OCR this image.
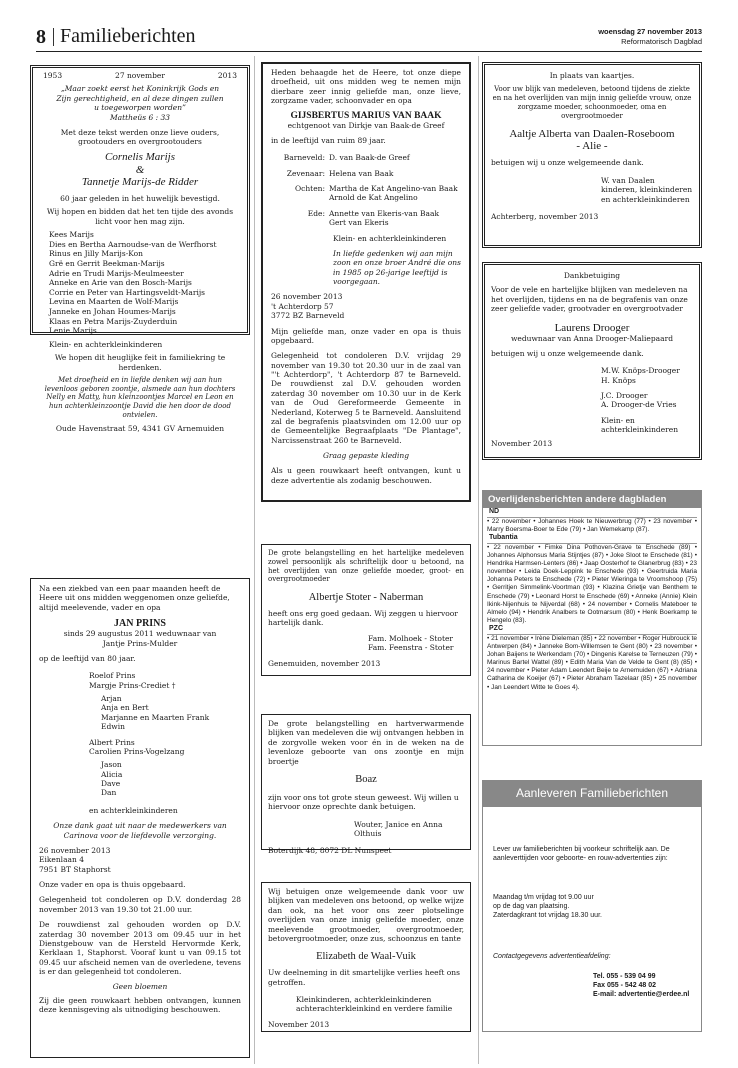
8 Familieberichten	woensdag 27 november 2013
Reformatorisch Dagblad
1953	27 november	2013
„Maar zoekt eerst het Koninkrijk Gods en Zijn gerechtigheid, en al deze dingen zullen u toegeworpen worden”
Mattheüs 6 : 33
Met deze tekst werden onze lieve ouders, grootouders en overgrootouders
Cornelis Marijs
&
Tannetje Marijs-de Ridder
60 jaar geleden in het huwelijk bevestigd.
Wij hopen en bidden dat het ten tijde des avonds licht voor hen mag zijn.
Kees Marijs
Dies en Bertha Aarnoudse-van de Werfhorst
Rinus en Jilly Marijs-Kon
Grë en Gerrit Beekman-Marijs
Adrie en Trudi Marijs-Meulmeester
Anneke en Arie van den Bosch-Marijs
Corrie en Peter van Hartingsveldt-Marijs
Levina en Maarten de Wolf-Marijs
Janneke en Johan Houmes-Marijs
Klaas en Petra Marijs-Zuyderduin
Lenie Marijs
Klein- en achterkleinkinderen
We hopen dit heuglijke feit in familiekring te herdenken.
Met droefheid en in liefde denken wij aan hun levenloos geboren zoontje, alsmede aan hun dochters Nelly en Matty, hun kleinzoontjes Marcel en Leon en hun achterkleinzoontje David die hen door de dood ontvielen.
Oude Havenstraat 59, 4341 GV Arnemuiden
Heden behaagde het de Heere, tot onze diepe droefheid, uit ons midden weg te nemen mijn dierbare zeer innig geliefde man, onze lieve, zorgzame vader, schoonvader en opa
GIJSBERTUS MARIUS VAN BAAK
echtgenoot van Dirkje van Baak-de Greef
in de leeftijd van ruim 89 jaar.
Barneveld: D. van Baak-de Greef
Zevenaar: Helena van Baak
Ochten: Martha de Kat Angelino-van Baak
Arnold de Kat Angelino
Ede: Annette van Ekeris-van Baak
Gert van Ekeris
Klein- en achterkleinkinderen
In liefde gedenken wij aan mijn zoon en onze broer André die ons in 1985 op 26-jarige leeftijd is voorgegaan.
26 november 2013
't Achterdorp 57
3772 BZ Barneveld
Mijn geliefde man, onze vader en opa is thuis opgebaard.
Gelegenheid tot condoleren D.V. vrijdag 29 november van 19.30 tot 20.30 uur in de zaal van "'t Achterdorp", 't Achterdorp 87 te Barneveld. De rouwdienst zal D.V. gehouden worden zaterdag 30 november om 10.30 uur in de Kerk van de Oud Gereformeerde Gemeente in Nederland, Koterweg 5 te Barneveld. Aansluitend zal de begrafenis plaatsvinden om 12.00 uur op de Gemeentelijke Begraafplaats "De Plantage", Narcissenstraat 260 te Barneveld.
Graag gepaste kleding
Als u geen rouwkaart heeft ontvangen, kunt u deze advertentie als zodanig beschouwen.
In plaats van kaartjes.
Voor uw blijk van medeleven, betoond tijdens de ziekte en na het overlijden van mijn innig geliefde vrouw, onze zorgzame moeder, schoonmoeder, oma en overgrootmoeder
Aaltje Alberta van Daalen-Roseboom
- Alie -
betuigen wij u onze welgemeende dank.
W. van Daalen
kinderen, kleinkinderen
en achterkleinkinderen
Achterberg, november 2013
Dankbetuiging
Voor de vele en hartelijke blijken van medeleven na het overlijden, tijdens en na de begrafenis van onze zeer geliefde vader, grootvader en overgrootvader
Laurens Drooger
weduwnaar van Anna Drooger-Maliepaard
betuigen wij u onze welgemeende dank.
M.W. Knöps-Drooger
H. Knöps
J.C. Drooger
A. Drooger-de Vries
Klein- en achterkleinkinderen
November 2013
Overlijdensberichten andere dagbladen
ND
• 22 november • Johannes Hoek te Nieuwerbrug (77) • 23 november • Marry Boersma-Boer te Ede (79) • Jan Wemekamp (87).
Tubantia
• 22 november • Fimke Dina Pothoven-Grave te Enschede (89) • Johannes Alphonsus Maria Stijntjes (87) • Joke Sloot te Enschede (81) • Hendrika Harmsen-Lenters (86) • Jaap Oosterhof te Glanerbrug (83) • 23 november • Leida Doek-Leppink te Enschede (93) • Geertruida Maria Johanna Peters te Enschede (72) • Pieter Wieringa te Vroomshoop (75) • Gerritjen Simmelink-Voortman (93) • Klazina Grietje van Benthem te Enschede (79) • Leonard Horst te Enschede (69) • Anneke (Annie) Klein Ikink-Nijenhuis te Nijverdal (68) • 24 november • Cornelis Mateboer te Almelo (94) • Hendrik Analbers te Ootmarsum (80) • Henk Boerkamp te Hengelo (83).
PZC
• 21 november • Irène Dieleman (85) • 22 november • Roger Hubrouck te Antwerpen (84) • Janneke Bom-Willemsen te Gent (80) • 23 november • Johan Baijens te Werkendam (70) • Dingenis Karelse te Terneuzen (79) • Marinus Bartel Wattel (89) • Edith Maria Van de Velde te Gent (8) (85) • 24 november • Pieter Adam Leendert Beije te Arnemuiden (67) • Adriana Catharina de Koeijer (67) • Pieter Abraham Tazelaar (85) • 25 november • Jan Leendert Witte te Goes 4).
Na een ziekbed van een paar maanden heeft de Heere uit ons midden weggenomen onze geliefde, altijd meelevende, vader en opa
JAN PRINS
sinds 29 augustus 2011 weduwnaar van Jantje Prins-Mulder
op de leeftijd van 80 jaar.
Roelof Prins
Margje Prins-Crediet †
Arjan
Anja en Bert
Marjanne en Maarten Frank
Edwin
Albert Prins
Carolien Prins-Vogelzang
Jason
Alicia
Dave
Dan
en achterkleinkinderen
Onze dank gaat uit naar de medewerkers van Carinova voor de liefdevolle verzorging.
26 november 2013
Eikenlaan 4
7951 BT Staphorst
Onze vader en opa is thuis opgebaard.
Gelegenheid tot condoleren op D.V. donderdag 28 november 2013 van 19.30 tot 21.00 uur.
De rouwdienst zal gehouden worden op D.V. zaterdag 30 november 2013 om 09.45 uur in het Dienstgebouw van de Hersteld Hervormde Kerk, Kerklaan 1, Staphorst. Vooraf kunt u van 09.15 tot 09.45 uur afscheid nemen van de overledene, tevens is er dan gelegenheid tot condoleren.
Geen bloemen
Zij die geen rouwkaart hebben ontvangen, kunnen deze kennisgeving als uitnodiging beschouwen.
De grote belangstelling en het hartelijke medeleven zowel persoonlijk als schriftelijk door u betoond, na het overlijden van onze geliefde moeder, groot- en overgrootmoeder
Albertje Stoter - Naberman
heeft ons erg goed gedaan. Wij zeggen u hiervoor hartelijk dank.
Fam. Molhoek - Stoter
Fam. Feenstra - Stoter
Genemuiden, november 2013
De grote belangstelling en hartverwarmende blijken van medeleven die wij ontvangen hebben in de zorgvolle weken voor én in de weken na de levenloze geboorte van ons zoontje en mijn broertje
Boaz
zijn voor ons tot grote steun geweest. Wij willen u hiervoor onze oprechte dank betuigen.
Wouter, Janice en Anna Olthuis
Boterdijk 48, 8072 DL Nunspeet
Wij betuigen onze welgemeende dank voor uw blijken van medeleven ons betoond, op welke wijze dan ook, na het voor ons zeer plotselinge overlijden van onze innig geliefde moeder, onze meelevende grootmoeder, overgrootmoeder, betovergrootmoeder, onze zus, schoonzus en tante
Elizabeth de Waal-Vuik
Uw deelneming in dit smartelijke verlies heeft ons getroffen.
Kleinkinderen, achterkleinkinderen
achterachterkleinkind en verdere familie
November 2013
Aanleveren Familieberichten
Lever uw familieberichten bij voorkeur schriftelijk aan. De aanleverttijden voor geboorte- en rouw-advertenties zijn:
Maandag t/m vrijdag tot 9.00 uur
op de dag van plaatsing.
Zaterdagkrant tot vrijdag 18.30 uur.
Contactgegevens advertentieafdeling:
Tel. 055 - 539 04 99
Fax 055 - 542 48 02
E-mail: advertentie@erdee.nl
